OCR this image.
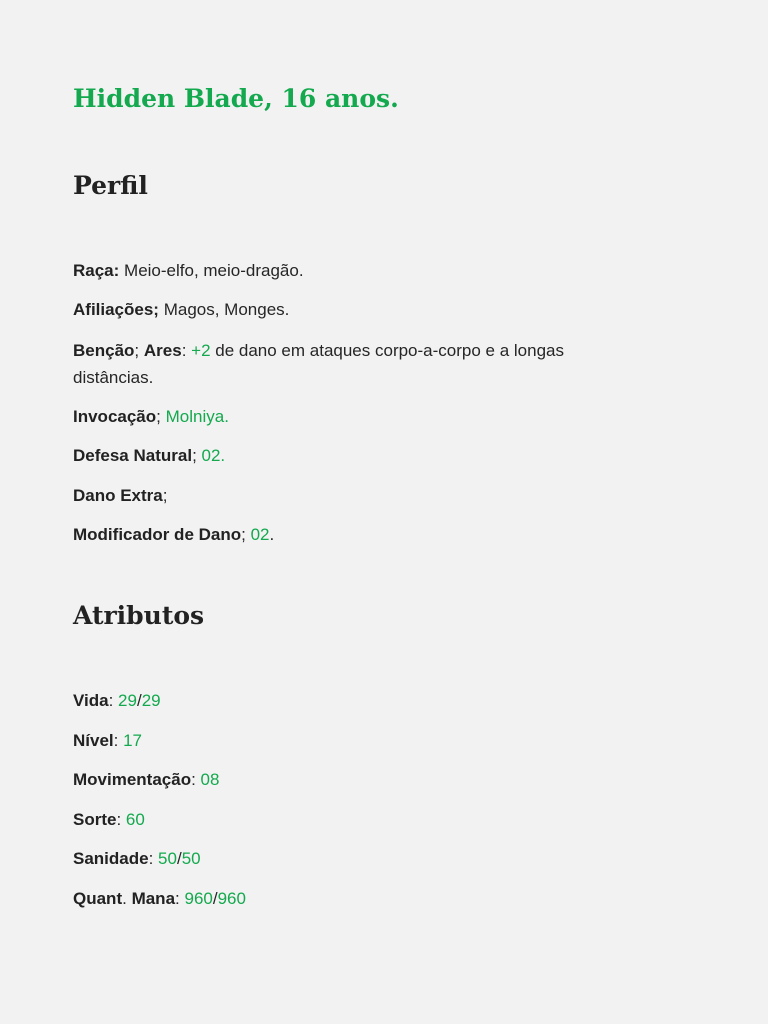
Hidden Blade, 16 anos.
Perfil

Raça: Meio-elfo, meio-dragão.

Afiliações; Magos, Monges.

Benção; Ares: +2 de dano em ataques corpo-a-corpo e a longas distâncias.

Invocação; Molniya.

Defesa Natural; 02.

Dano Extra;

Modificador de Dano; 02.

Atributos

Vida: 29/29

Nível: 17

Movimentação: 08

Sorte: 60

Sanidade: 50/50

Quant. Mana: 960/960
